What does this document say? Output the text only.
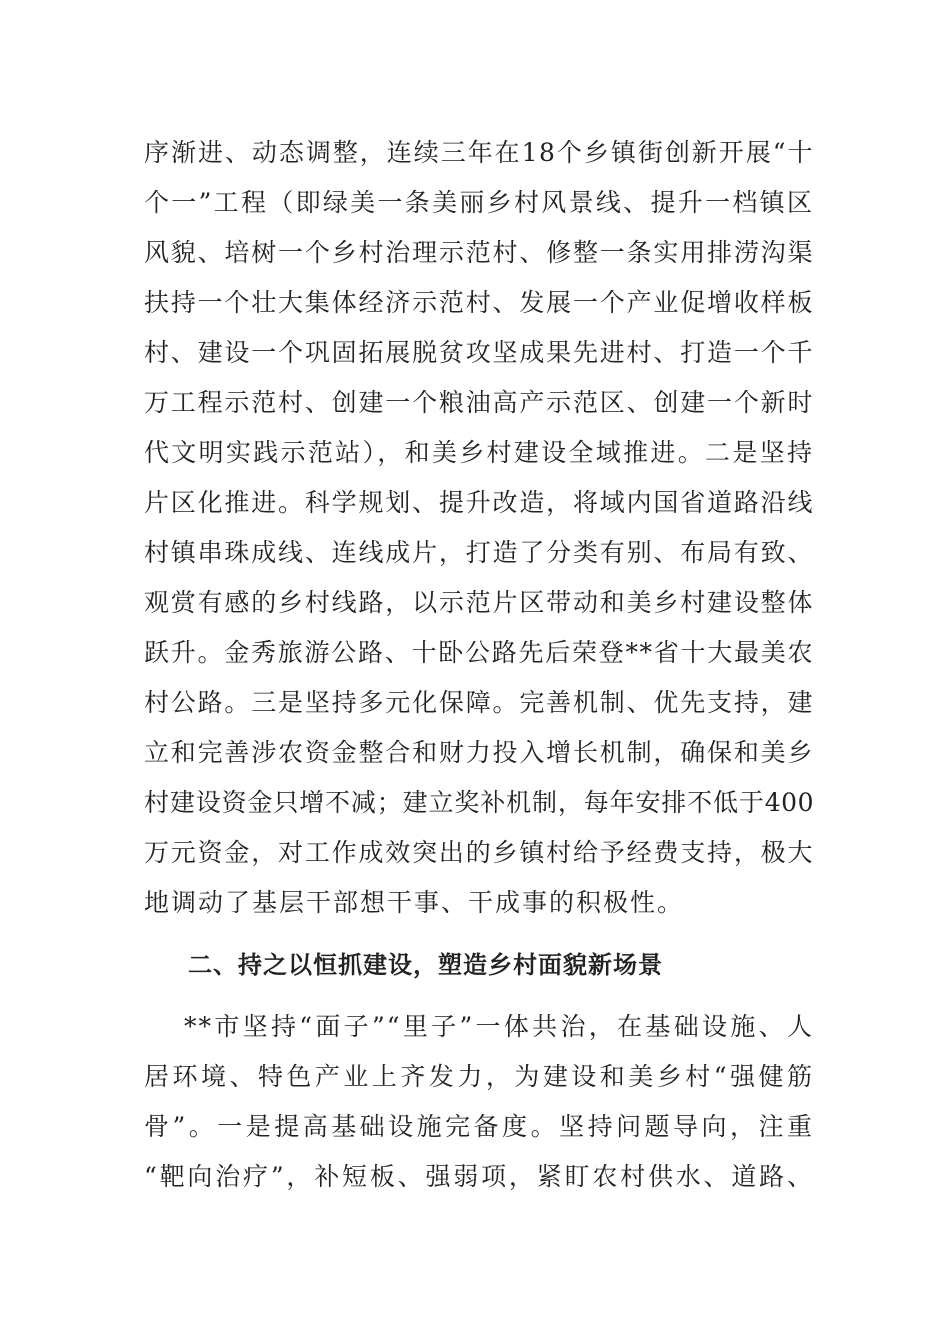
序渐进、动态调整，连续三年在18个乡镇街创新开展“十
个一”工程（即绿美一条美丽乡村风景线、提升一档镇区
风貌、培树一个乡村治理示范村、修整一条实用排涝沟渠
扶持一个壮大集体经济示范村、发展一个产业促增收样板
村、建设一个巩固拓展脱贫攻坚成果先进村、打造一个千
万工程示范村、创建一个粮油高产示范区、创建一个新时
代文明实践示范站），和美乡村建设全域推进。二是坚持
片区化推进。科学规划、提升改造，将域内国省道路沿线
村镇串珠成线、连线成片，打造了分类有别、布局有致、
观赏有感的乡村线路，以示范片区带动和美乡村建设整体
跃升。金秀旅游公路、十卧公路先后荣登**省十大最美农
村公路。三是坚持多元化保障。完善机制、优先支持，建
立和完善涉农资金整合和财力投入增长机制，确保和美乡
村建设资金只增不减；建立奖补机制，每年安排不低于400
万元资金，对工作成效突出的乡镇村给予经费支持，极大
地调动了基层干部想干事、干成事的积极性。
二、持之以恒抓建设，塑造乡村面貌新场景
**市坚持“面子”“里子”一体共治，在基础设施、人
居环境、特色产业上齐发力，为建设和美乡村“强健筋
骨”。一是提高基础设施完备度。坚持问题导向，注重
“靶向治疗”，补短板、强弱项，紧盯农村供水、道路、
